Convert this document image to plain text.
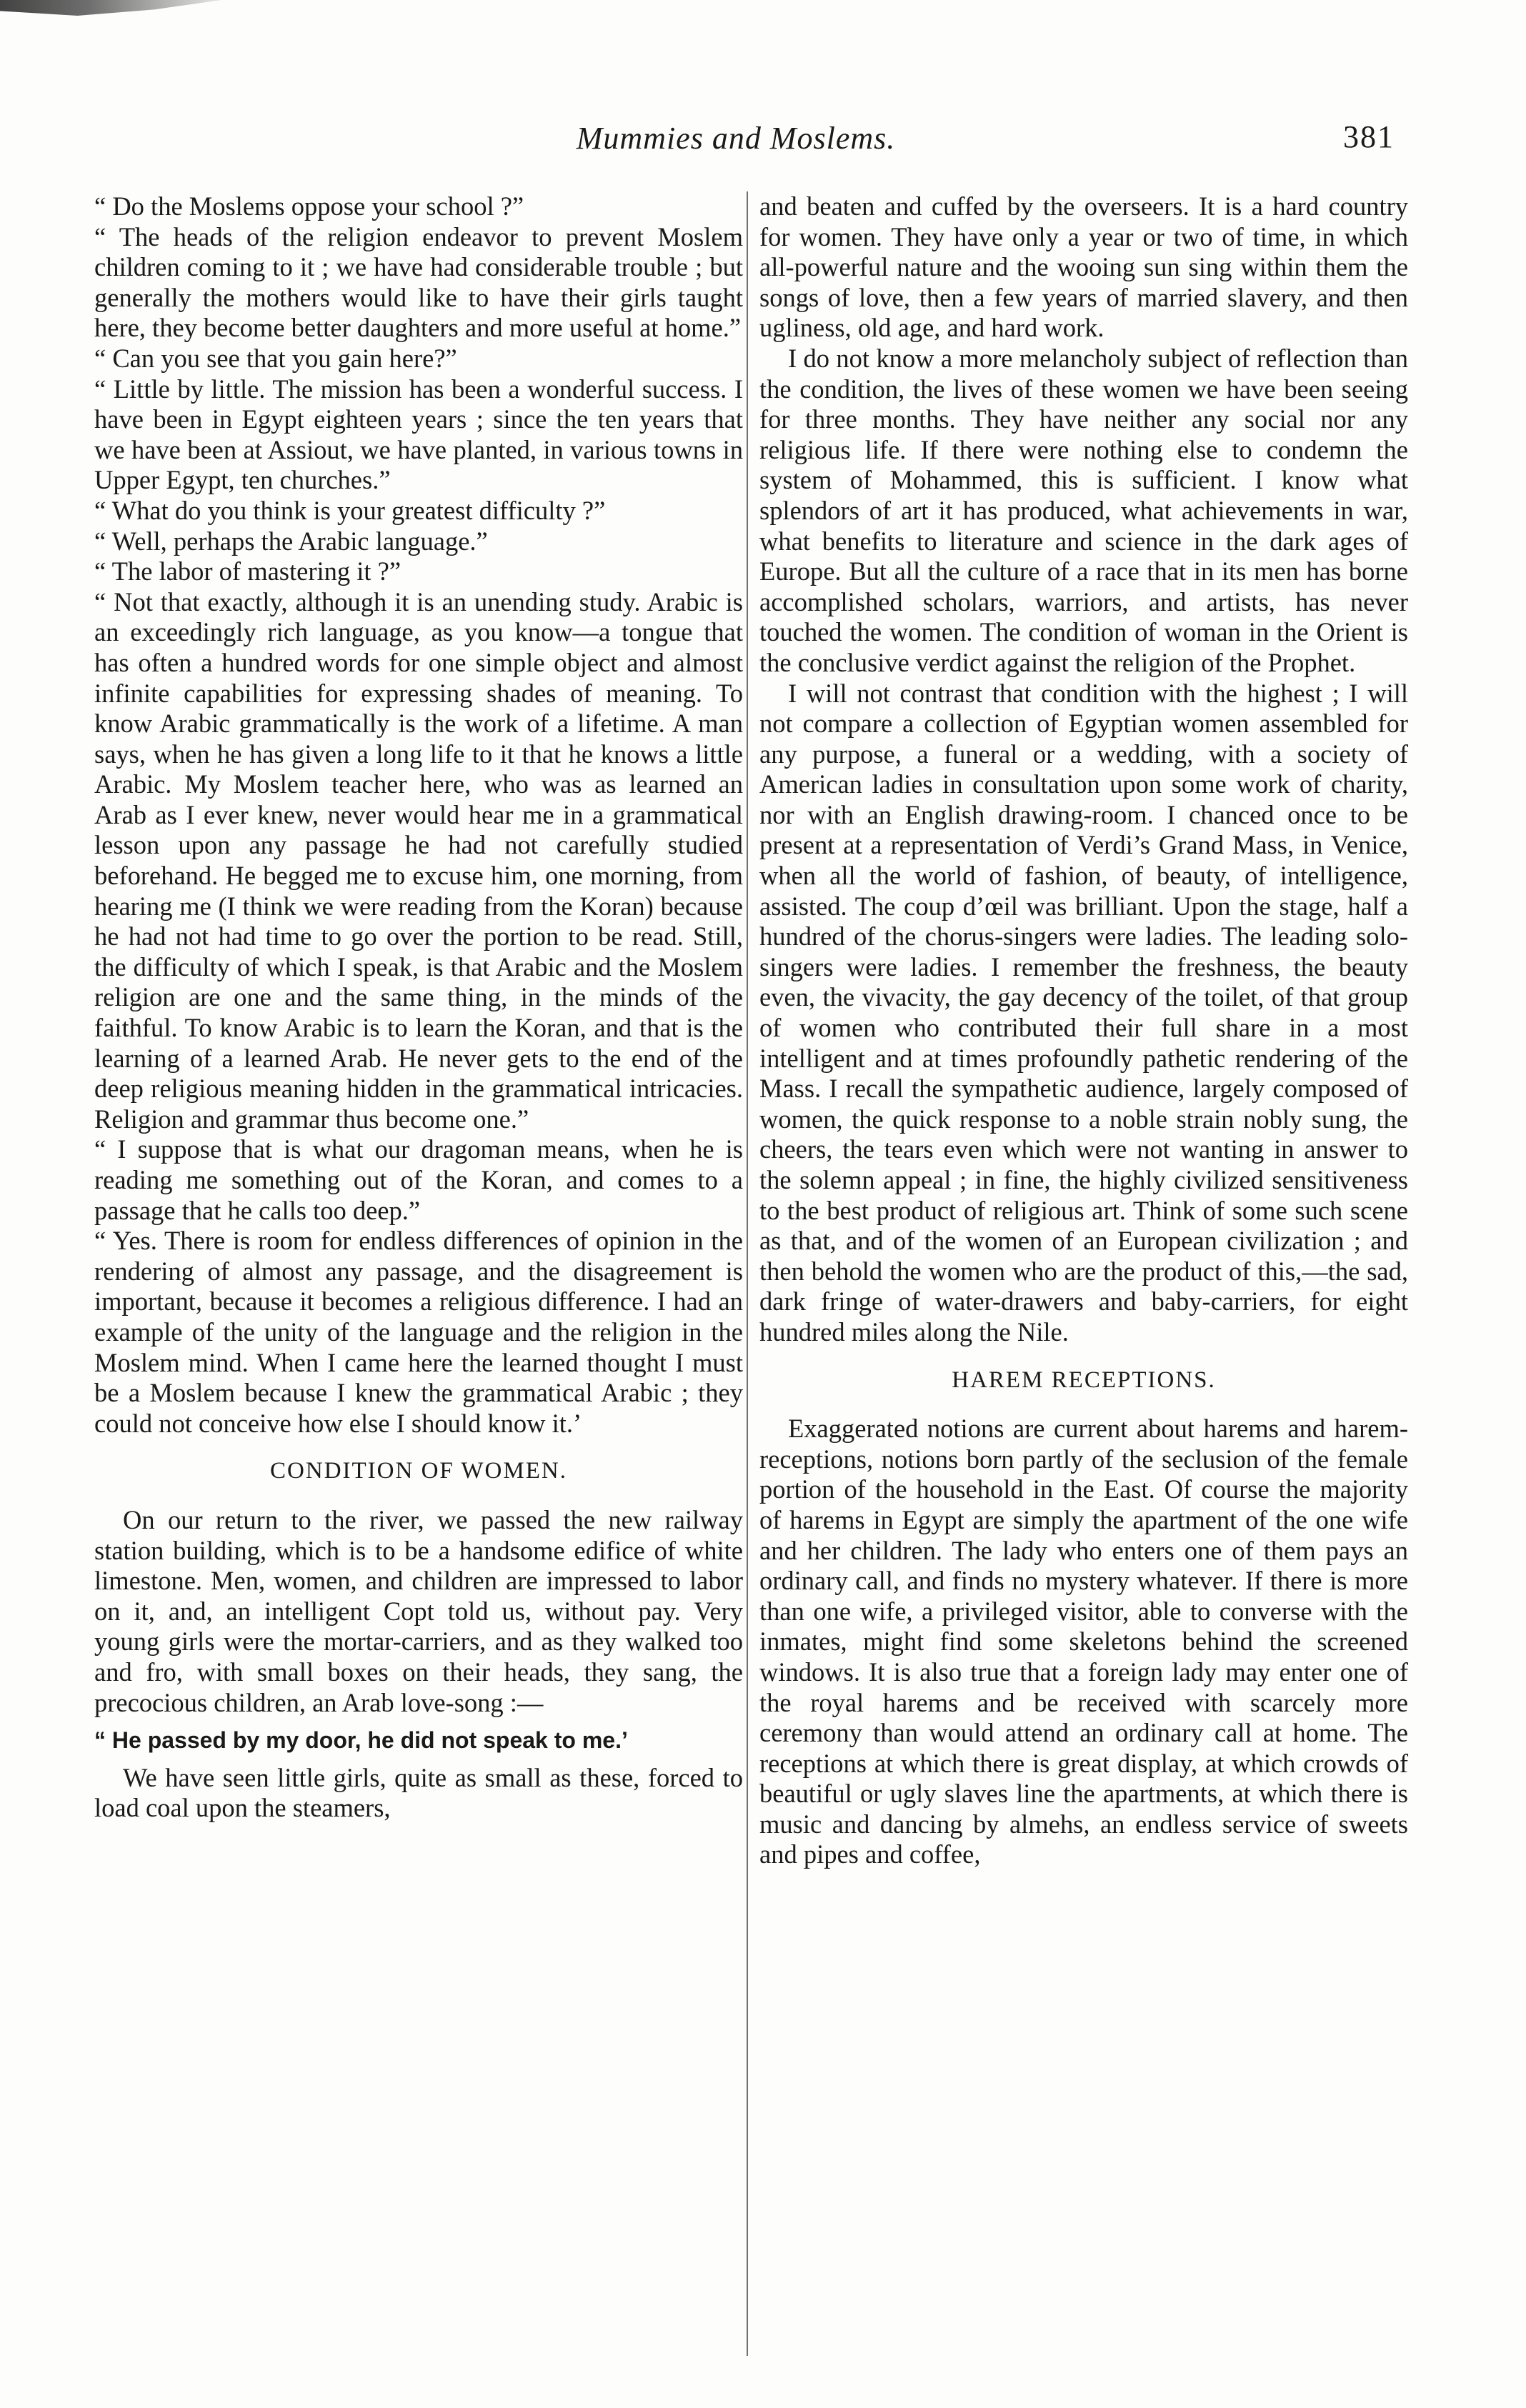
Mummies and Moslems.	381

“ Do the Moslems oppose your school ?”

“ The heads of the religion endeavor to prevent Moslem children coming to it ; we have had considerable trouble ; but generally the mothers would like to have their girls taught here, they become better daughters and more useful at home.”

“ Can you see that you gain here?”

“ Little by little. The mission has been a wonderful success. I have been in Egypt eighteen years ; since the ten years that we have been at Assiout, we have planted, in various towns in Upper Egypt, ten churches.”

“ What do you think is your greatest difficulty ?”

“ Well, perhaps the Arabic language.”

“ The labor of mastering it ?”

“ Not that exactly, although it is an unending study. Arabic is an exceedingly rich language, as you know—a tongue that has often a hundred words for one simple object and almost infinite capabilities for expressing shades of meaning. To know Arabic grammatically is the work of a lifetime. A man says, when he has given a long life to it that he knows a little Arabic. My Moslem teacher here, who was as learned an Arab as I ever knew, never would hear me in a grammatical lesson upon any passage he had not carefully studied beforehand. He begged me to excuse him, one morning, from hearing me (I think we were reading from the Koran) because he had not had time to go over the portion to be read. Still, the difficulty of which I speak, is that Arabic and the Moslem religion are one and the same thing, in the minds of the faithful. To know Arabic is to learn the Koran, and that is the learning of a learned Arab. He never gets to the end of the deep religious meaning hidden in the grammatical intricacies. Religion and grammar thus become one.”

“ I suppose that is what our dragoman means, when he is reading me something out of the Koran, and comes to a passage that he calls too deep.”

“ Yes. There is room for endless differences of opinion in the rendering of almost any passage, and the disagreement is important, because it becomes a religious difference. I had an example of the unity of the language and the religion in the Moslem mind. When I came here the learned thought I must be a Moslem because I knew the grammatical Arabic ; they could not conceive how else I should know it.’

CONDITION OF WOMEN.

On our return to the river, we passed the new railway station building, which is to be a handsome edifice of white limestone. Men, women, and children are impressed to labor on it, and, an intelligent Copt told us, without pay. Very young girls were the mortar-carriers, and as they walked too and fro, with small boxes on their heads, they sang, the precocious children, an Arab love-song :—

“ He passed by my door, he did not speak to me.’

We have seen little girls, quite as small as these, forced to load coal upon the steamers,

and beaten and cuffed by the overseers. It is a hard country for women. They have only a year or two of time, in which all-powerful nature and the wooing sun sing within them the songs of love, then a few years of married slavery, and then ugliness, old age, and hard work.

I do not know a more melancholy subject of reflection than the condition, the lives of these women we have been seeing for three months. They have neither any social nor any religious life. If there were nothing else to condemn the system of Mohammed, this is sufficient. I know what splendors of art it has produced, what achievements in war, what benefits to literature and science in the dark ages of Europe. But all the culture of a race that in its men has borne accomplished scholars, warriors, and artists, has never touched the women. The condition of woman in the Orient is the conclusive verdict against the religion of the Prophet.

I will not contrast that condition with the highest ; I will not compare a collection of Egyptian women assembled for any purpose, a funeral or a wedding, with a society of American ladies in consultation upon some work of charity, nor with an English drawing-room. I chanced once to be present at a representation of Verdi’s Grand Mass, in Venice, when all the world of fashion, of beauty, of intelligence, assisted. The coup d’œil was brilliant. Upon the stage, half a hundred of the chorus-singers were ladies. The leading solo-singers were ladies. I remember the freshness, the beauty even, the vivacity, the gay decency of the toilet, of that group of women who contributed their full share in a most intelligent and at times profoundly pathetic rendering of the Mass. I recall the sympathetic audience, largely composed of women, the quick response to a noble strain nobly sung, the cheers, the tears even which were not wanting in answer to the solemn appeal ; in fine, the highly civilized sensitiveness to the best product of religious art. Think of some such scene as that, and of the women of an European civilization ; and then behold the women who are the product of this,—the sad, dark fringe of water-drawers and baby-carriers, for eight hundred miles along the Nile.

HAREM RECEPTIONS.

Exaggerated notions are current about harems and harem-receptions, notions born partly of the seclusion of the female portion of the household in the East. Of course the majority of harems in Egypt are simply the apartment of the one wife and her children. The lady who enters one of them pays an ordinary call, and finds no mystery whatever. If there is more than one wife, a privileged visitor, able to converse with the inmates, might find some skeletons behind the screened windows. It is also true that a foreign lady may enter one of the royal harems and be received with scarcely more ceremony than would attend an ordinary call at home. The receptions at which there is great display, at which crowds of beautiful or ugly slaves line the apartments, at which there is music and dancing by almehs, an endless service of sweets and pipes and coffee,
